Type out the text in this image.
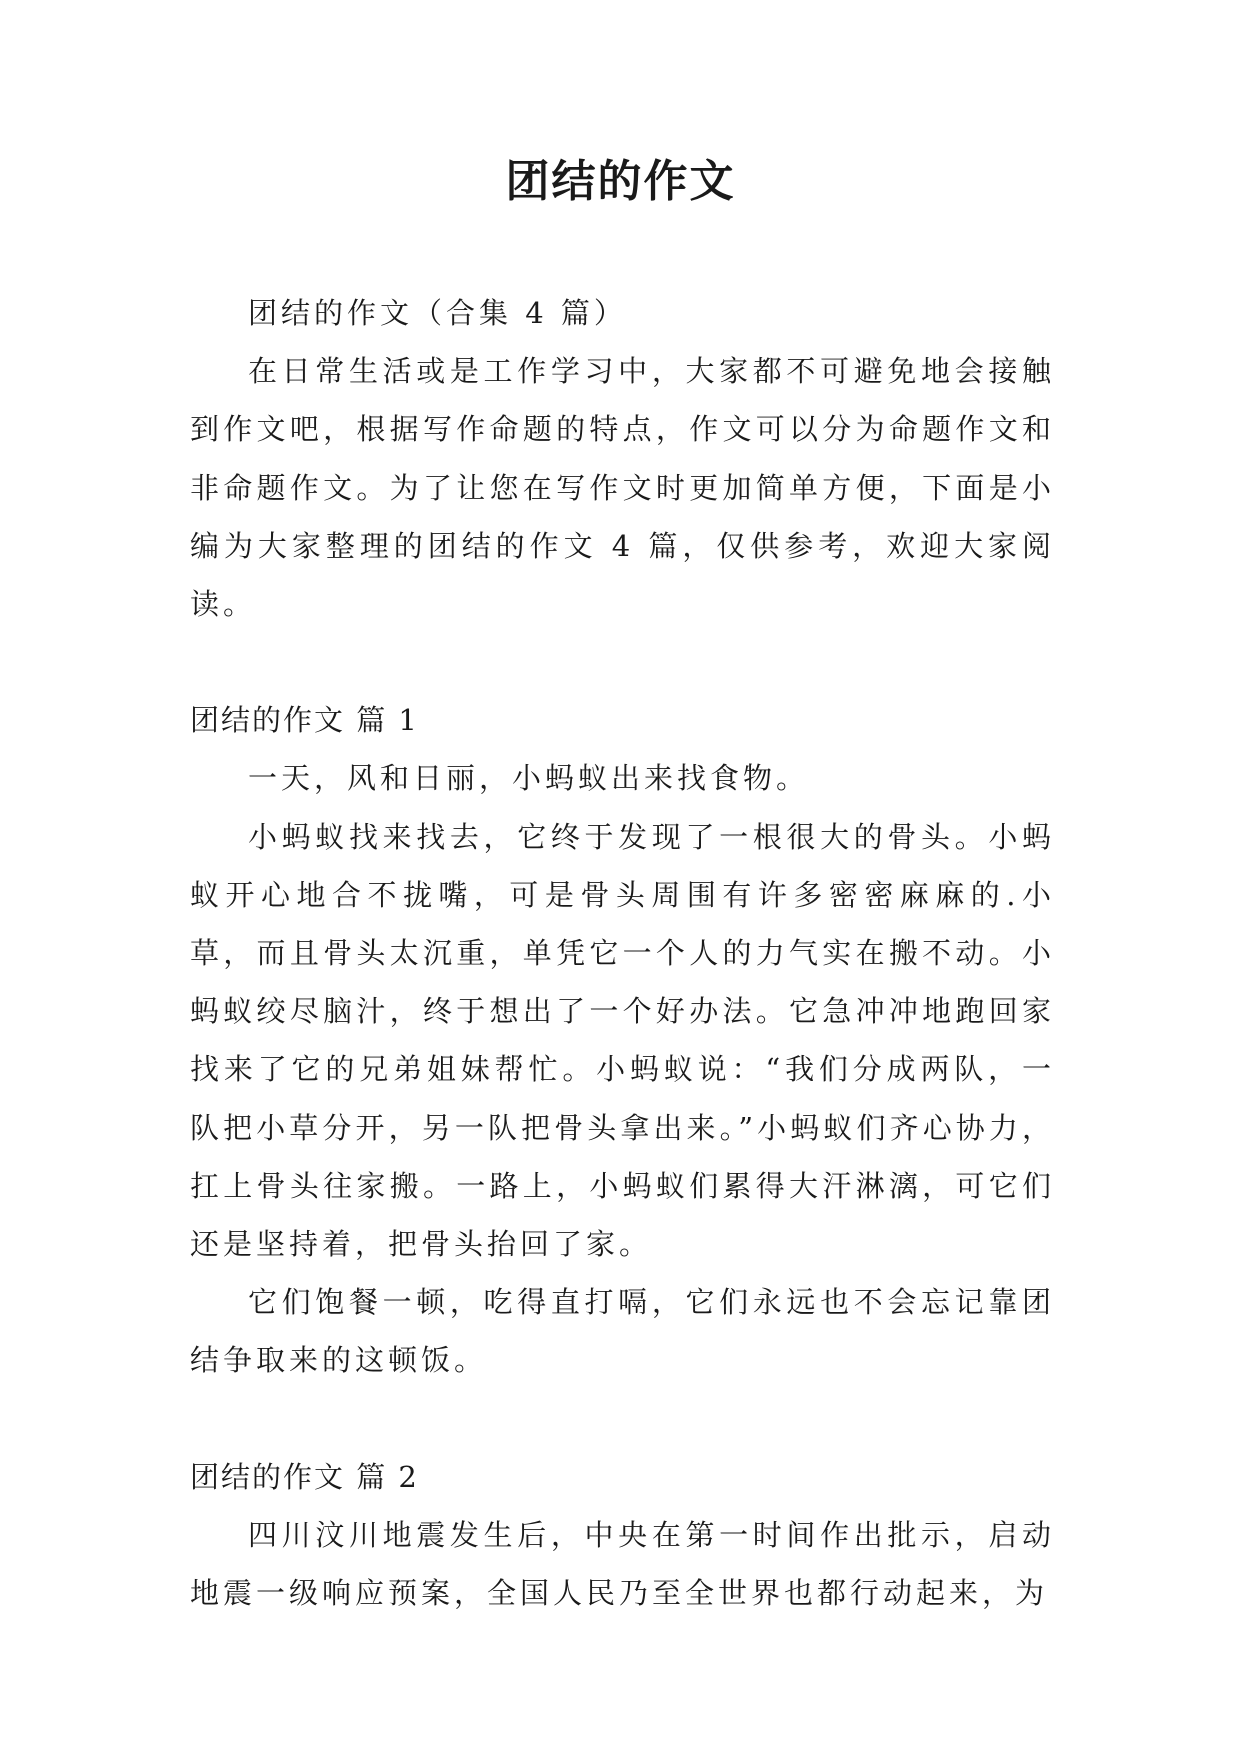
团结的作文

团结的作文（合集 4 篇）

在日常生活或是工作学习中，大家都不可避免地会接触到作文吧，根据写作命题的特点，作文可以分为命题作文和非命题作文。为了让您在写作文时更加简单方便，下面是小编为大家整理的团结的作文 4 篇，仅供参考，欢迎大家阅读。

团结的作文 篇 1

一天，风和日丽，小蚂蚁出来找食物。

小蚂蚁找来找去，它终于发现了一根很大的骨头。小蚂蚁开心地合不拢嘴，可是骨头周围有许多密密麻麻的.小草，而且骨头太沉重，单凭它一个人的力气实在搬不动。小蚂蚁绞尽脑汁，终于想出了一个好办法。它急冲冲地跑回家找来了它的兄弟姐妹帮忙。小蚂蚁说：“我们分成两队，一队把小草分开，另一队把骨头拿出来。”小蚂蚁们齐心协力，扛上骨头往家搬。一路上，小蚂蚁们累得大汗淋漓，可它们还是坚持着，把骨头抬回了家。

它们饱餐一顿，吃得直打嗝，它们永远也不会忘记靠团结争取来的这顿饭。

团结的作文 篇 2

四川汶川地震发生后，中央在第一时间作出批示，启动地震一级响应预案，全国人民乃至全世界也都行动起来，为
